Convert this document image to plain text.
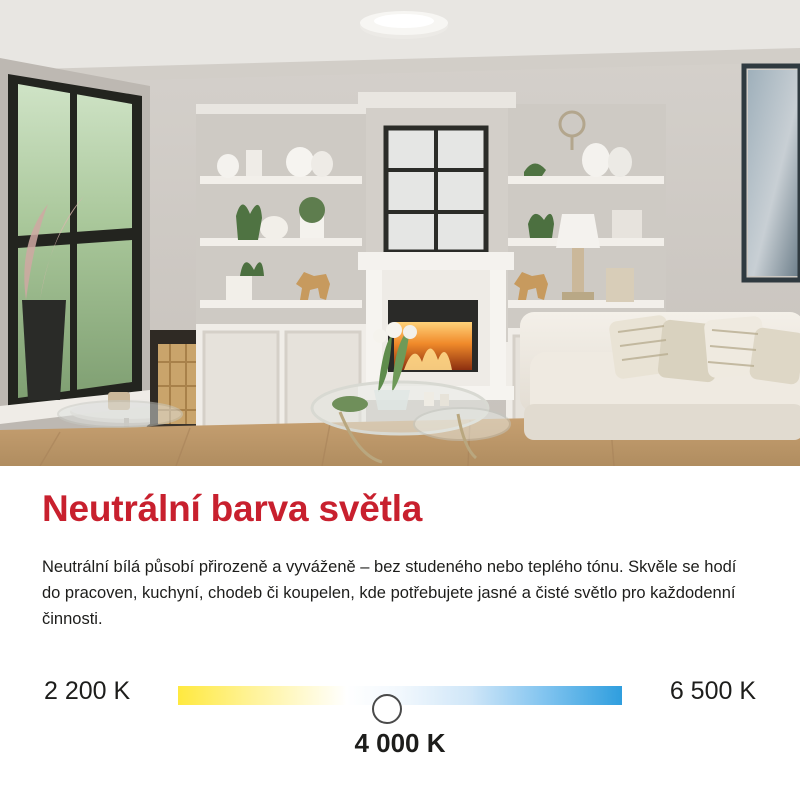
Neutrální barva světla
Neutrální bílá působí přirozeně a vyváženě – bez studeného nebo teplého tónu. Skvěle se hodí do pracoven, kuchyní, chodeb či koupelen, kde potřebujete jasné a čisté světlo pro každodenní činnosti.
2 200 K	6 500 K
4 000 K
